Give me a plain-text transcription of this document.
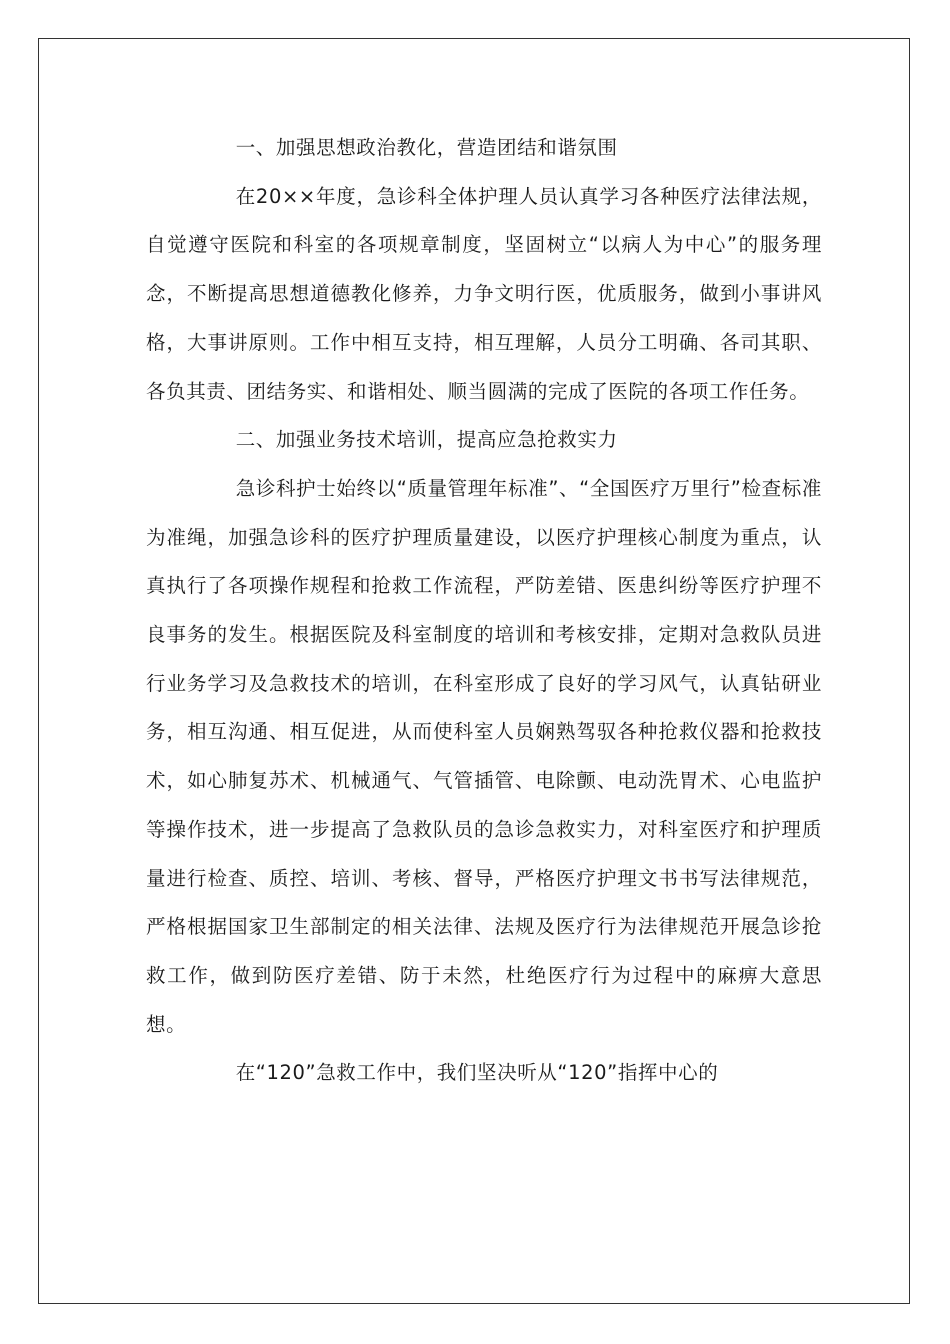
一、加强思想政治教化，营造团结和谐氛围

在20××年度，急诊科全体护理人员认真学习各种医疗法律法规，自觉遵守医院和科室的各项规章制度，坚固树立“以病人为中心”的服务理念，不断提高思想道德教化修养，力争文明行医，优质服务，做到小事讲风格，大事讲原则。工作中相互支持，相互理解，人员分工明确、各司其职、各负其责、团结务实、和谐相处、顺当圆满的完成了医院的各项工作任务。

二、加强业务技术培训，提高应急抢救实力

急诊科护士始终以“质量管理年标准”、“全国医疗万里行”检查标准为准绳，加强急诊科的医疗护理质量建设，以医疗护理核心制度为重点，认真执行了各项操作规程和抢救工作流程，严防差错、医患纠纷等医疗护理不良事务的发生。根据医院及科室制度的培训和考核安排，定期对急救队员进行业务学习及急救技术的培训，在科室形成了良好的学习风气，认真钻研业务，相互沟通、相互促进，从而使科室人员娴熟驾驭各种抢救仪器和抢救技术，如心肺复苏术、机械通气、气管插管、电除颤、电动洗胃术、心电监护等操作技术，进一步提高了急救队员的急诊急救实力，对科室医疗和护理质量进行检查、质控、培训、考核、督导，严格医疗护理文书书写法律规范，严格根据国家卫生部制定的相关法律、法规及医疗行为法律规范开展急诊抢救工作，做到防医疗差错、防于未然，杜绝医疗行为过程中的麻痹大意思想。

在“120”急救工作中，我们坚决听从“120”指挥中心的
